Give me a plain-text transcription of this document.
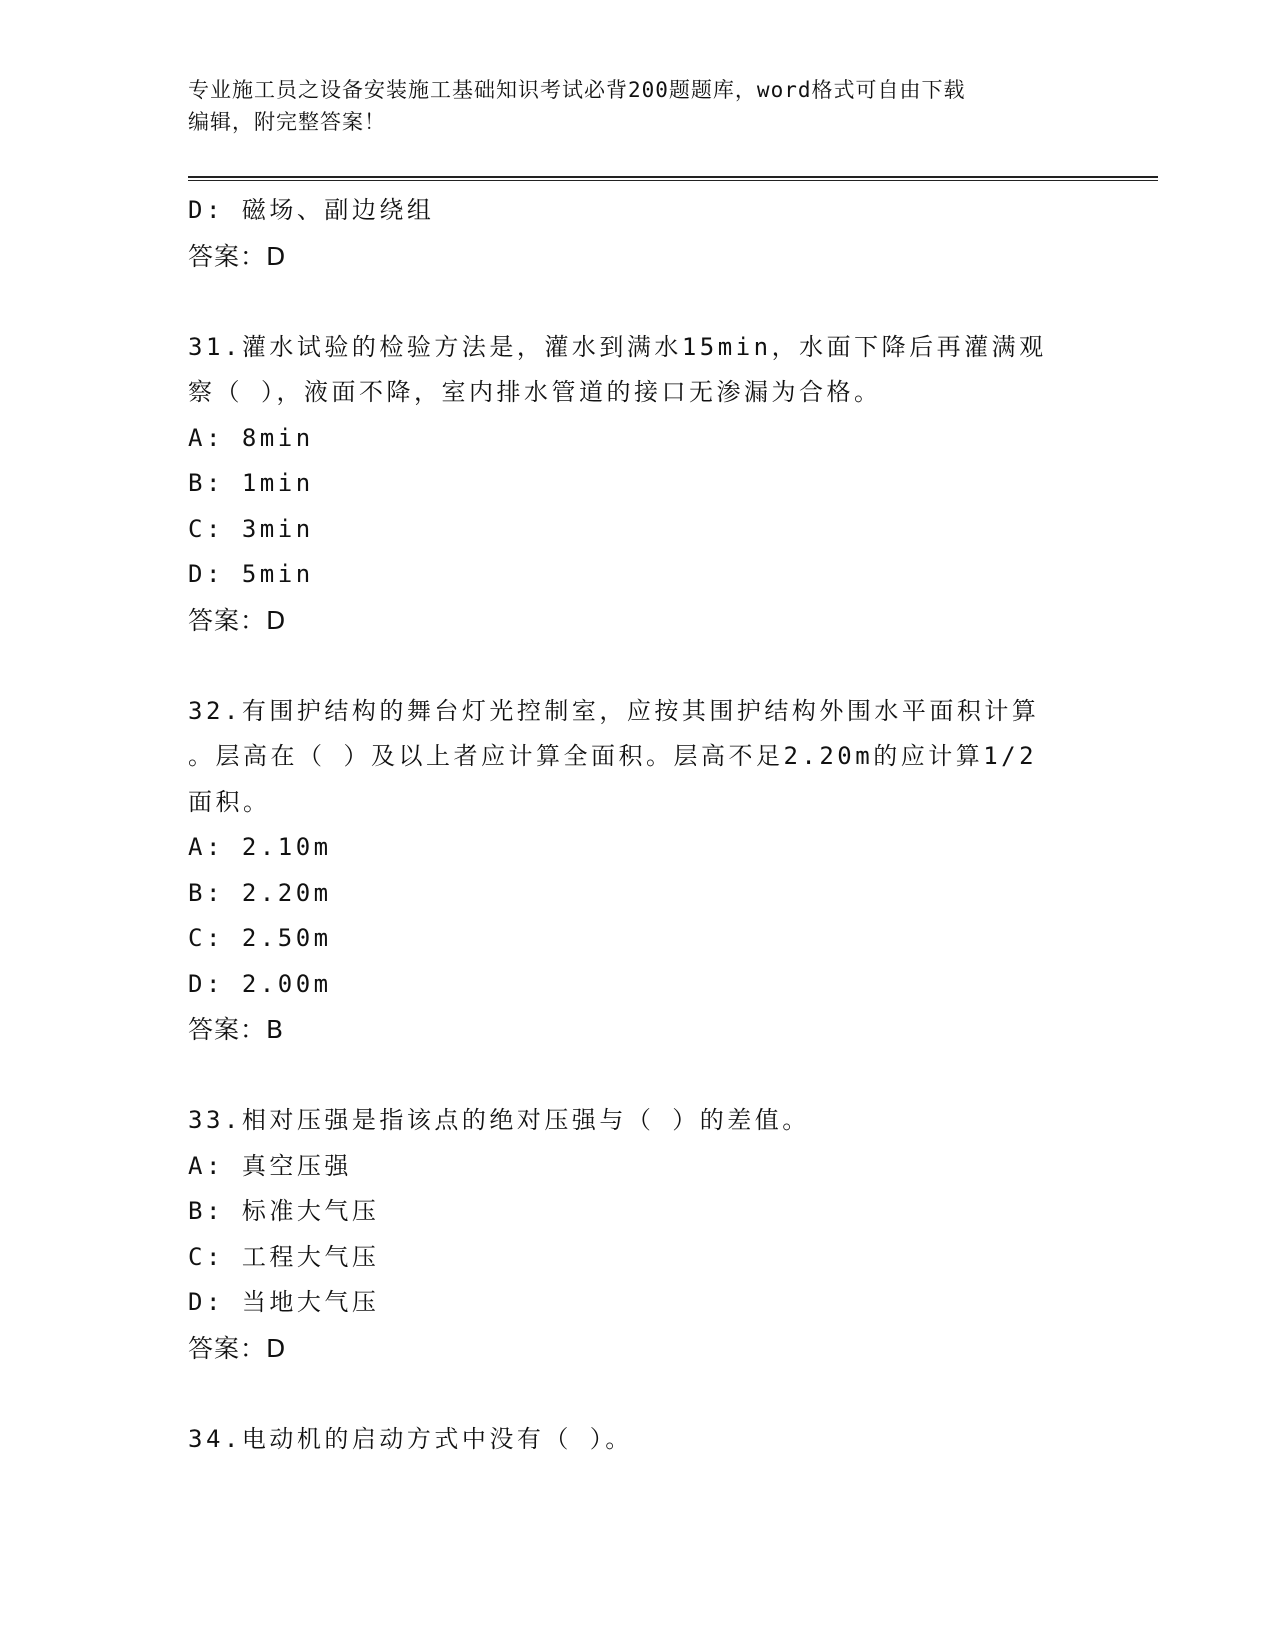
专业施工员之设备安装施工基础知识考试必背200题题库，word格式可自由下载
编辑，附完整答案！
D: 磁场、副边绕组
答案：D
31.灌水试验的检验方法是，灌水到满水15min，水面下降后再灌满观
察（ ），液面不降，室内排水管道的接口无渗漏为合格。
A: 8min
B: 1min
C: 3min
D: 5min
答案：D
32.有围护结构的舞台灯光控制室，应按其围护结构外围水平面积计算
。层高在（ ）及以上者应计算全面积。层高不足2.20m的应计算1/2
面积。
A: 2.10m
B: 2.20m
C: 2.50m
D: 2.00m
答案：B
33.相对压强是指该点的绝对压强与（ ）的差值。
A: 真空压强
B: 标准大气压
C: 工程大气压
D: 当地大气压
答案：D
34.电动机的启动方式中没有（ ）。
